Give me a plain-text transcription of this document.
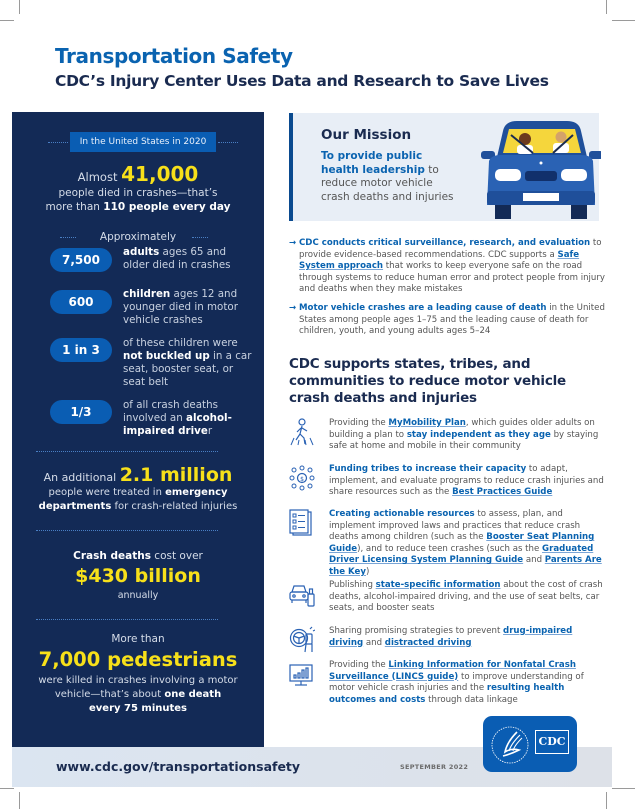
Transportation Safety
CDC’s Injury Center Uses Data and Research to Save Lives
www.cdc.gov/transportationsafety	SEPTEMBER 2022
In the United States in 2020
Almost 41,000
people died in crashes—that’s
more than 110 people every day
Approximately
7,500
adults ages 65 and older died in crashes
600
children ages 12 and younger died in motor vehicle crashes
1 in 3	of these children were not buckled up in a car seat, booster seat, or seat belt
1/3	of all crash deaths involved an alcohol-impaired driver
An additional 2.1 million
people were treated in emergency
departments for crash-related injuries
Crash deaths cost over
$430 billion
annually
More than
7,000 pedestrians
were killed in crashes involving a motor
vehicle—that’s about one death
every 75 minutes
Our Mission
To provide public health leadership to reduce motor vehicle crash deaths and injuries
→ CDC conducts critical surveillance, research, and evaluation to provide evidence-based recommendations. CDC supports a Safe System approach that works to keep everyone safe on the road through systems to reduce human error and protect people from injury and deaths when they make mistakes
→ Motor vehicle crashes are a leading cause of death in the United States among people ages 1–75 and the leading cause of death for children, youth, and young adults ages 5–24
CDC supports states, tribes, and communities to reduce motor vehicle crash deaths and injuries
Providing the MyMobility Plan, which guides older adults on building a plan to stay independent as they age by staying safe at home and mobile in their community
$
Funding tribes to increase their capacity to adapt, implement, and evaluate programs to reduce crash injuries and share resources such as the Best Practices Guide
Creating actionable resources to assess, plan, and implement improved laws and practices that reduce crash deaths among children (such as the Booster Seat Planning Guide), and to reduce teen crashes (such as the Graduated Driver Licensing System Planning Guide and Parents Are the Key)
Publishing state-specific information about the cost of crash deaths, alcohol-impaired driving, and the use of seat belts, car seats, and booster seats
Sharing promising strategies to prevent drug-impaired driving and distracted driving
Providing the Linking Information for Nonfatal Crash Surveillance (LINCS guide) to improve understanding of motor vehicle crash injuries and the resulting health outcomes and costs through data linkage
CDC
